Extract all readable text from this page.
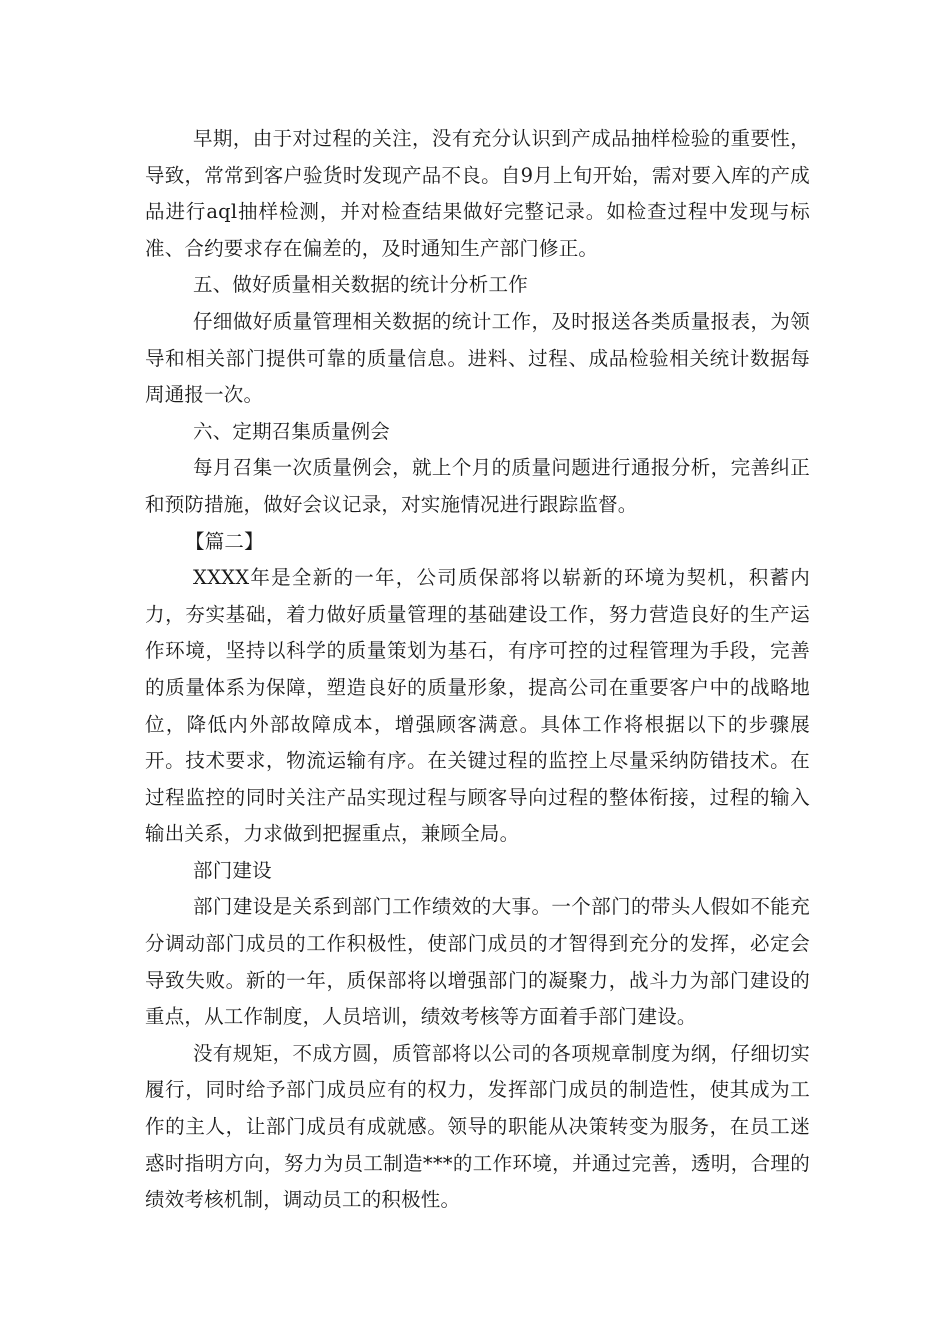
早期，由于对过程的关注，没有充分认识到产成品抽样检验的重要性，导致，常常到客户验货时发现产品不良。自9月上旬开始，需对要入库的产成品进行aql抽样检测，并对检查结果做好完整记录。如检查过程中发现与标准、合约要求存在偏差的，及时通知生产部门修正。

五、做好质量相关数据的统计分析工作

仔细做好质量管理相关数据的统计工作，及时报送各类质量报表，为领导和相关部门提供可靠的质量信息。进料、过程、成品检验相关统计数据每周通报一次。

六、定期召集质量例会

每月召集一次质量例会，就上个月的质量问题进行通报分析，完善纠正和预防措施，做好会议记录，对实施情况进行跟踪监督。

【篇二】

XXXX年是全新的一年，公司质保部将以崭新的环境为契机，积蓄内力，夯实基础，着力做好质量管理的基础建设工作，努力营造良好的生产运作环境，坚持以科学的质量策划为基石，有序可控的过程管理为手段，完善的质量体系为保障，塑造良好的质量形象，提高公司在重要客户中的战略地位，降低内外部故障成本，增强顾客满意。具体工作将根据以下的步骤展开。技术要求，物流运输有序。在关键过程的监控上尽量采纳防错技术。在过程监控的同时关注产品实现过程与顾客导向过程的整体衔接，过程的输入输出关系，力求做到把握重点，兼顾全局。

部门建设

部门建设是关系到部门工作绩效的大事。一个部门的带头人假如不能充分调动部门成员的工作积极性，使部门成员的才智得到充分的发挥，必定会导致失败。新的一年，质保部将以增强部门的凝聚力，战斗力为部门建设的重点，从工作制度，人员培训，绩效考核等方面着手部门建设。

没有规矩，不成方圆，质管部将以公司的各项规章制度为纲，仔细切实履行，同时给予部门成员应有的权力，发挥部门成员的制造性，使其成为工作的主人，让部门成员有成就感。领导的职能从决策转变为服务，在员工迷惑时指明方向，努力为员工制造***的工作环境，并通过完善，透明，合理的绩效考核机制，调动员工的积极性。
